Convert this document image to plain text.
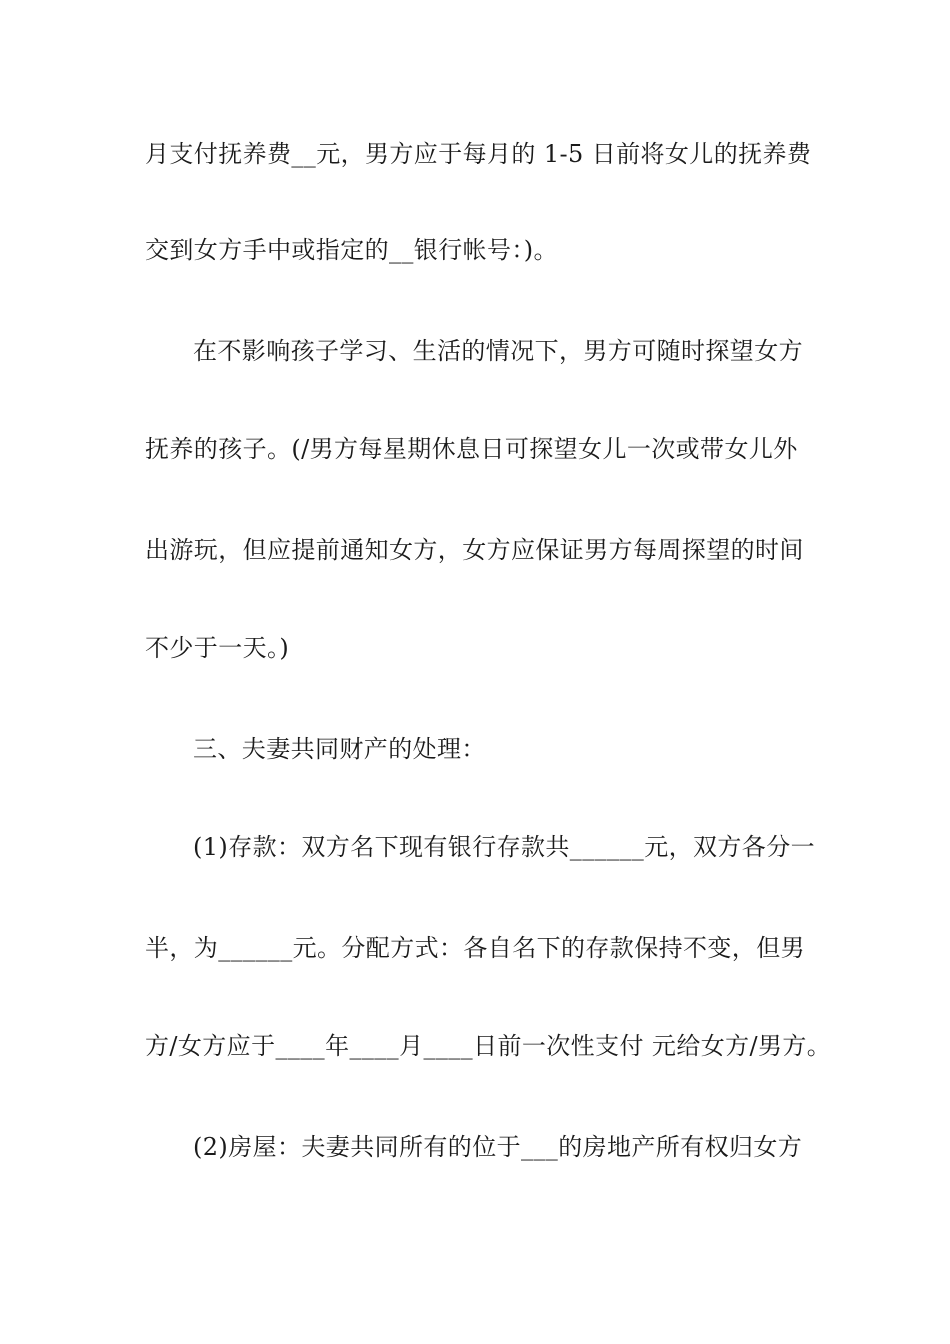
月支付抚养费__元，男方应于每月的 1-5 日前将女儿的抚养费
交到女方手中或指定的__银行帐号：)。
在不影响孩子学习、生活的情况下，男方可随时探望女方
抚养的孩子。(/男方每星期休息日可探望女儿一次或带女儿外
出游玩，但应提前通知女方，女方应保证男方每周探望的时间
不少于一天。)
三、夫妻共同财产的处理：
(1)存款：双方名下现有银行存款共______元，双方各分一
半，为______元。分配方式：各自名下的存款保持不变，但男
方/女方应于____年____月____日前一次性支付 元给女方/男方。
(2)房屋：夫妻共同所有的位于___的房地产所有权归女方
